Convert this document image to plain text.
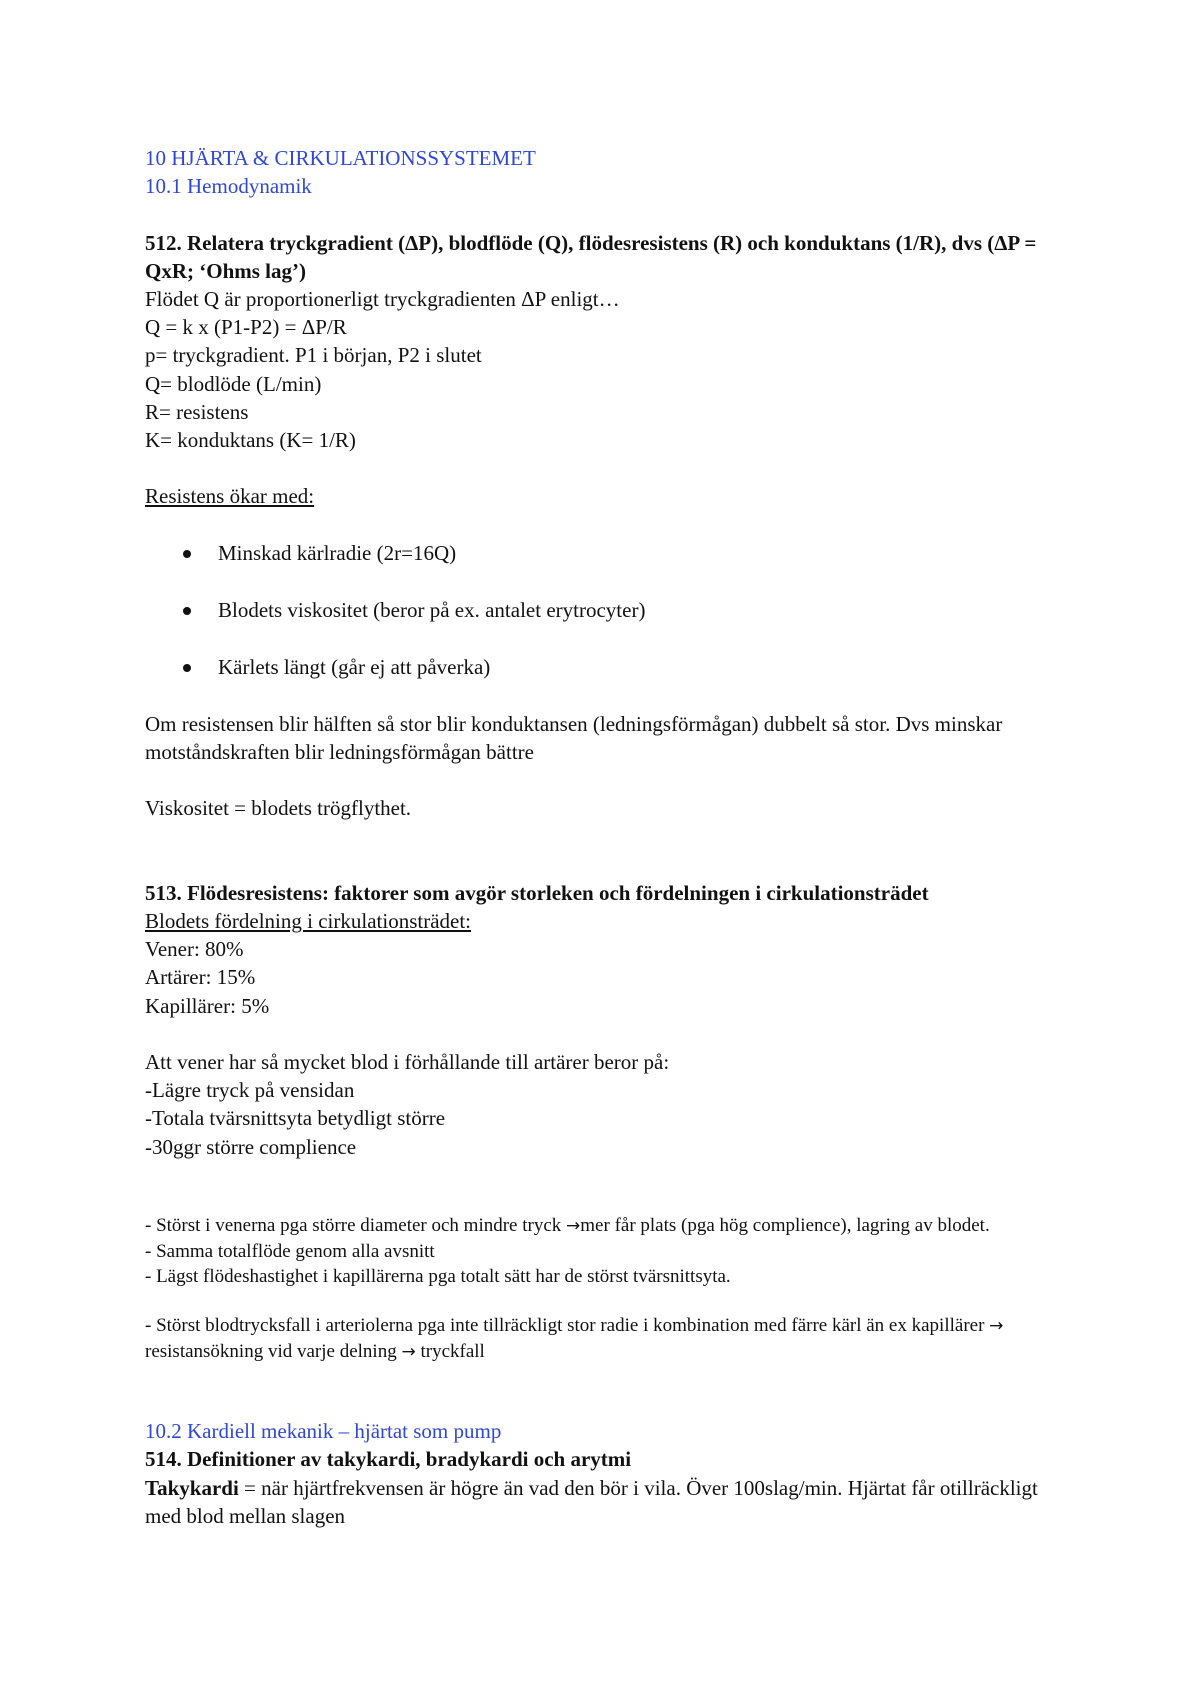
10 HJÄRTA & CIRKULATIONSSYSTEMET

10.1 Hemodynamik

512. Relatera tryckgradient (ΔP), blodflöde (Q), flödesresistens (R) och konduktans (1/R), dvs (ΔP = QxR; ‘Ohms lag’)

Flödet Q är proportionerligt tryckgradienten ΔP enligt…

Q = k x (P1-P2) = ΔP/R

p= tryckgradient. P1 i början, P2 i slutet

Q= blodlöde (L/min)

R= resistens

K= konduktans (K= 1/R)

Resistens ökar med:

Minskad kärlradie (2r=16Q)
Blodets viskositet (beror på ex. antalet erytrocyter)
Kärlets längt (går ej att påverka)

Om resistensen blir hälften så stor blir konduktansen (ledningsförmågan) dubbelt så stor. Dvs minskar motståndskraften blir ledningsförmågan bättre

Viskositet = blodets trögflythet.

513. Flödesresistens: faktorer som avgör storleken och fördelningen i cirkulationsträdet

Blodets fördelning i cirkulationsträdet:

Vener: 80%

Artärer: 15%

Kapillärer: 5%

Att vener har så mycket blod i förhållande till artärer beror på:

-Lägre tryck på vensidan

-Totala tvärsnittsyta betydligt större

-30ggr större complience

- Störst i venerna pga större diameter och mindre tryck →mer får plats (pga hög complience), lagring av blodet.

- Samma totalflöde genom alla avsnitt

- Lägst flödeshastighet i kapillärerna pga totalt sätt har de störst tvärsnittsyta.

- Störst blodtrycksfall i arteriolerna pga inte tillräckligt stor radie i kombination med färre kärl än ex kapillärer → resistansökning vid varje delning → tryckfall

10.2 Kardiell mekanik – hjärtat som pump

514. Definitioner av takykardi, bradykardi och arytmi

Takykardi = när hjärtfrekvensen är högre än vad den bör i vila. Över 100slag/min. Hjärtat får otillräckligt med blod mellan slagen
